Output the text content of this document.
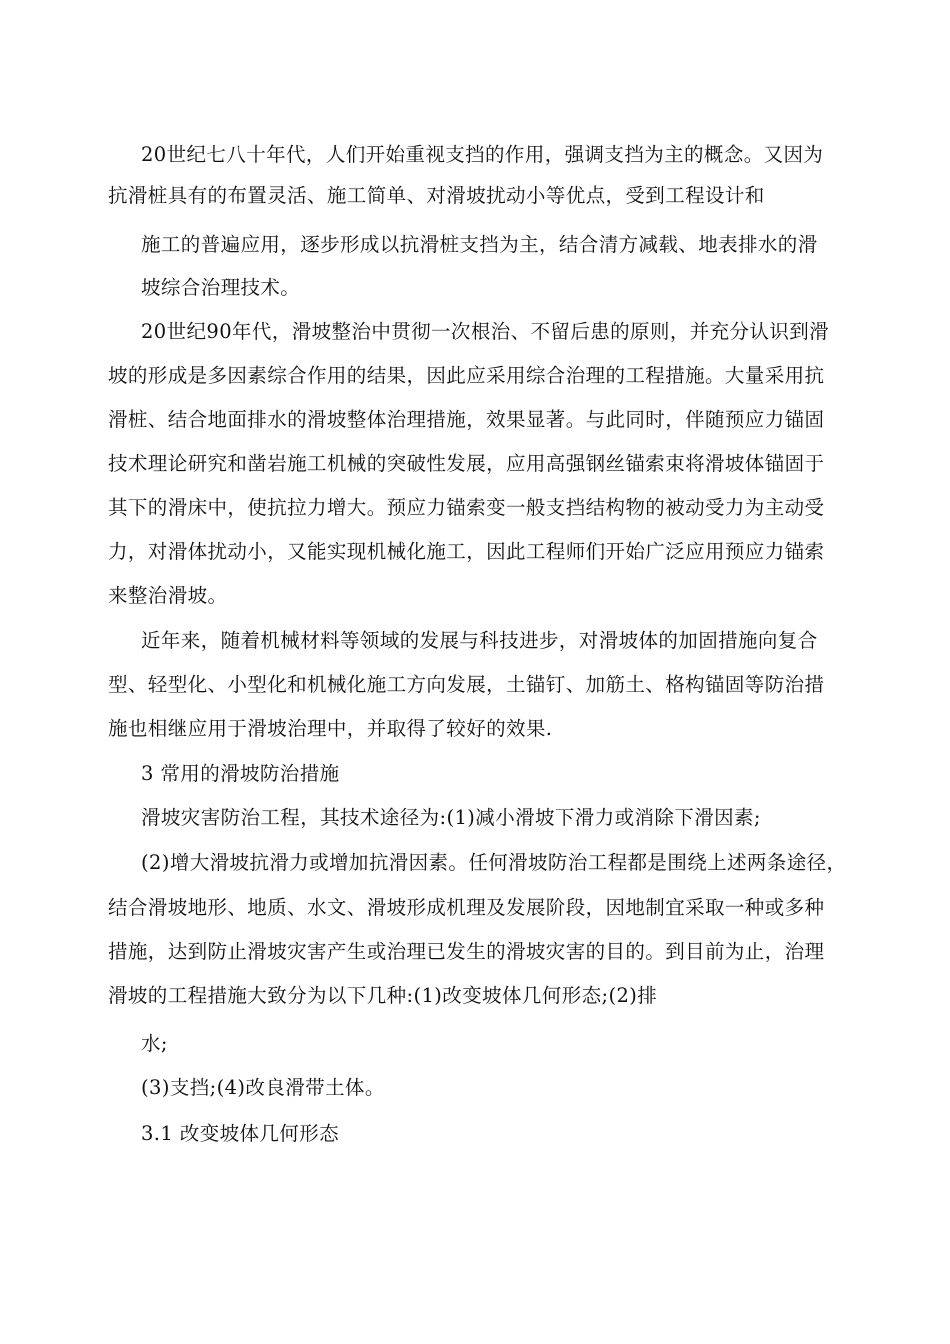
20世纪七八十年代，人们开始重视支挡的作用，强调支挡为主的概念。又因为
抗滑桩具有的布置灵活、施工简单、对滑坡扰动小等优点，受到工程设计和
施工的普遍应用，逐步形成以抗滑桩支挡为主，结合清方减载、地表排水的滑
坡综合治理技术。
20世纪90年代，滑坡整治中贯彻一次根治、不留后患的原则，并充分认识到滑
坡的形成是多因素综合作用的结果，因此应采用综合治理的工程措施。大量采用抗
滑桩、结合地面排水的滑坡整体治理措施，效果显著。与此同时，伴随预应力锚固
技术理论研究和凿岩施工机械的突破性发展，应用高强钢丝锚索束将滑坡体锚固于
其下的滑床中，使抗拉力增大。预应力锚索变一般支挡结构物的被动受力为主动受
力，对滑体扰动小，又能实现机械化施工，因此工程师们开始广泛应用预应力锚索
来整治滑坡。
近年来，随着机械材料等领域的发展与科技进步，对滑坡体的加固措施向复合
型、轻型化、小型化和机械化施工方向发展，土锚钉、加筋土、格构锚固等防治措
施也相继应用于滑坡治理中，并取得了较好的效果.
3 常用的滑坡防治措施
滑坡灾害防治工程，其技术途径为:(1)减小滑坡下滑力或消除下滑因素;
(2)增大滑坡抗滑力或增加抗滑因素。任何滑坡防治工程都是围绕上述两条途径，
结合滑坡地形、地质、水文、滑坡形成机理及发展阶段，因地制宜采取一种或多种
措施，达到防止滑坡灾害产生或治理已发生的滑坡灾害的目的。到目前为止，治理
滑坡的工程措施大致分为以下几种:(1)改变坡体几何形态;(2)排
水;
(3)支挡;(4)改良滑带土体。
3.1 改变坡体几何形态
